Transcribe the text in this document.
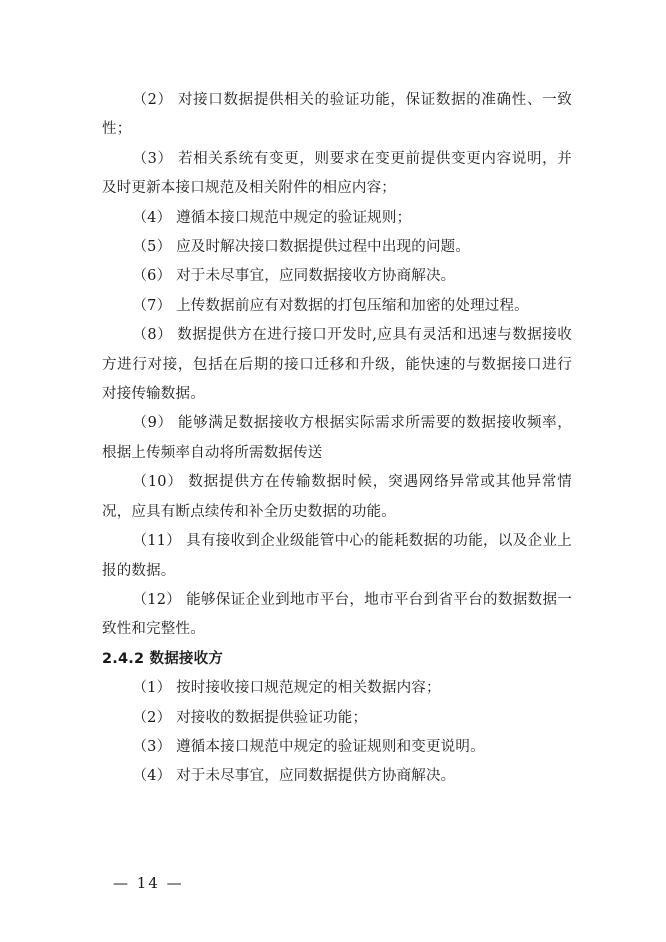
（2） 对接口数据提供相关的验证功能，保证数据的准确性、一致性；

（3） 若相关系统有变更，则要求在变更前提供变更内容说明，并及时更新本接口规范及相关附件的相应内容；

（4） 遵循本接口规范中规定的验证规则；

（5） 应及时解决接口数据提供过程中出现的问题。

（6） 对于未尽事宜，应同数据接收方协商解决。

（7） 上传数据前应有对数据的打包压缩和加密的处理过程。

（8） 数据提供方在进行接口开发时,应具有灵活和迅速与数据接收方进行对接，包括在后期的接口迁移和升级，能快速的与数据接口进行对接传输数据。

（9） 能够满足数据接收方根据实际需求所需要的数据接收频率，根据上传频率自动将所需数据传送

（10） 数据提供方在传输数据时候，突遇网络异常或其他异常情况，应具有断点续传和补全历史数据的功能。

（11） 具有接收到企业级能管中心的能耗数据的功能，以及企业上报的数据。

（12） 能够保证企业到地市平台，地市平台到省平台的数据数据一致性和完整性。

2.4.2 数据接收方

（1） 按时接收接口规范规定的相关数据内容；

（2） 对接收的数据提供验证功能；

（3） 遵循本接口规范中规定的验证规则和变更说明。

（4） 对于未尽事宜，应同数据提供方协商解决。

— 14 —
